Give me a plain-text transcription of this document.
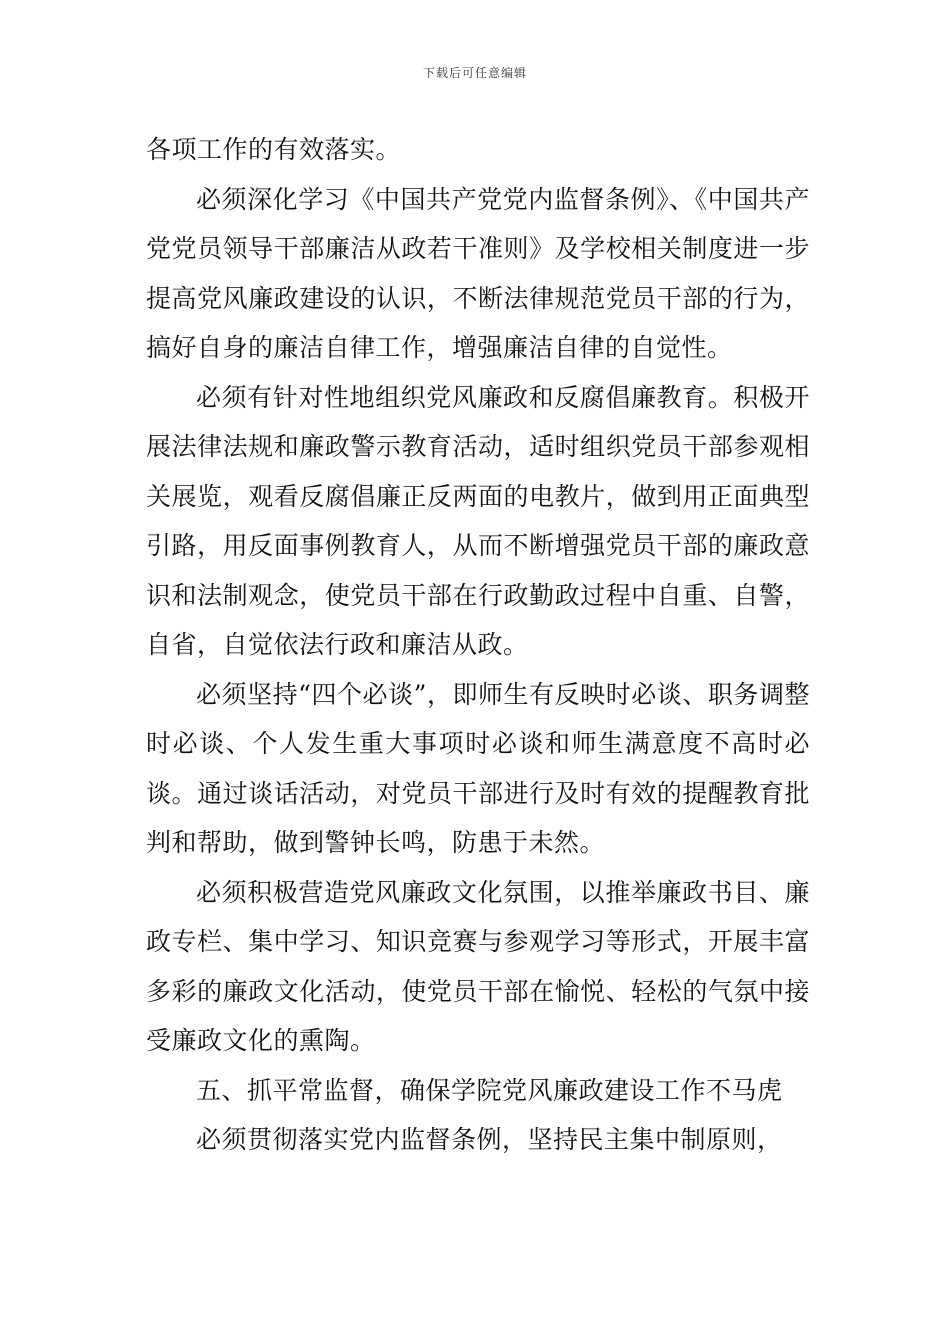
下载后可任意编辑

各项工作的有效落实。

必须深化学习《中国共产党党内监督条例》、《中国共产党党员领导干部廉洁从政若干准则》及学校相关制度进一步提高党风廉政建设的认识，不断法律规范党员干部的行为，搞好自身的廉洁自律工作，增强廉洁自律的自觉性。

必须有针对性地组织党风廉政和反腐倡廉教育。积极开展法律法规和廉政警示教育活动，适时组织党员干部参观相关展览，观看反腐倡廉正反两面的电教片，做到用正面典型引路，用反面事例教育人，从而不断增强党员干部的廉政意识和法制观念，使党员干部在行政勤政过程中自重、自警，自省，自觉依法行政和廉洁从政。

必须坚持“四个必谈”，即师生有反映时必谈、职务调整时必谈、个人发生重大事项时必谈和师生满意度不高时必谈。通过谈话活动，对党员干部进行及时有效的提醒教育批判和帮助，做到警钟长鸣，防患于未然。

必须积极营造党风廉政文化氛围，以推举廉政书目、廉政专栏、集中学习、知识竞赛与参观学习等形式，开展丰富多彩的廉政文化活动，使党员干部在愉悦、轻松的气氛中接受廉政文化的熏陶。

五、抓平常监督，确保学院党风廉政建设工作不马虎

必须贯彻落实党内监督条例，坚持民主集中制原则，
